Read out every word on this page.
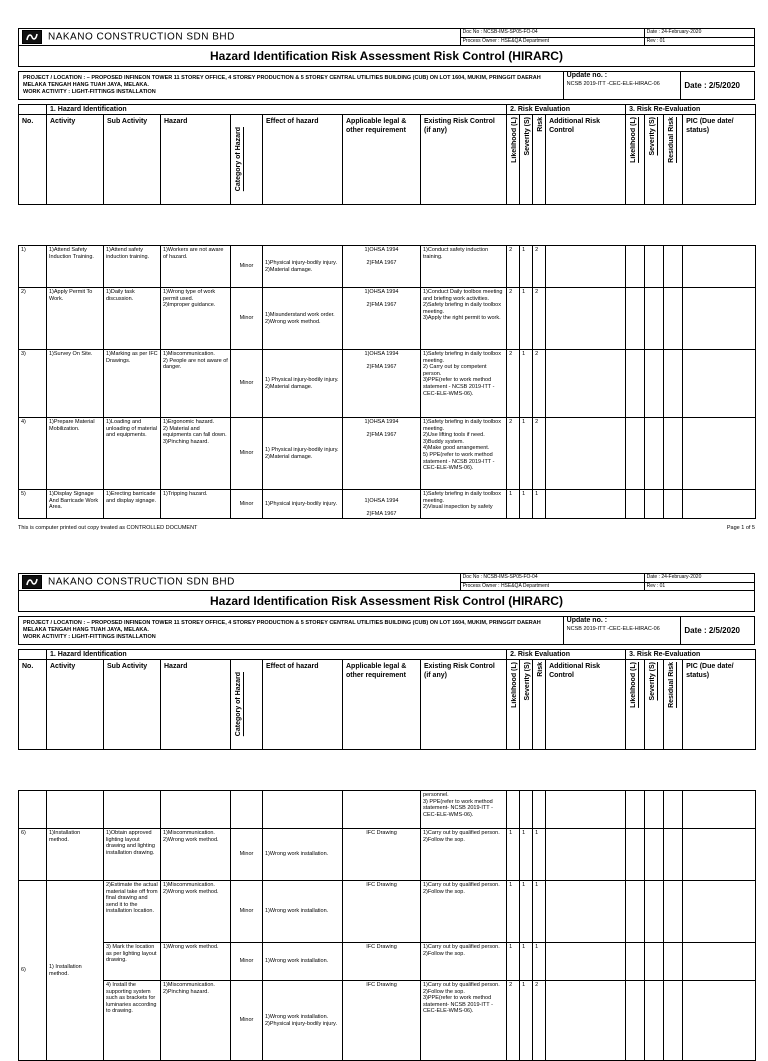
NAKANO CONSTRUCTION SDN BHD	Doc No : NCSB-IMS-SP05-FO-04	Date : 24-February-2020
	Process Owner : HSE&QA Department	Rev : 01
Hazard Identification Risk Assessment Risk Control (HIRARC)		
PROJECT / LOCATION : – PROPOSED INFINEON TOWER 11 STOREY OFFICE, 4 STOREY PRODUCTION & 5 STOREY CENTRAL UTILITIES BUILDING (CUB) ON LOT 1604, MUKIM, PRINGGIT DAERAH MELAKA TENGAH HANG TUAH JAYA, MELAKA.
WORK ACTIVITY : LIGHT-FITTINGS INSTALLATION
	Update no. :
NCSB 2019-ITT -CEC-ELE-HIRAC-06	Date : 2/5/2020
	1. Hazard Identification							2. Risk Evaluation				3. Risk Re-Evaluation			
No.	Activity	Sub Activity	Hazard	Category of Hazard	Effect of hazard	Applicable legal & other requirement	Existing Risk Control (if any)	Likelihood (L)	Severity (S)	Risk	Additional Risk Control	Likelihood (L)	Severity (S)	Residual Risk	PIC (Due date/ status)

1)	1)Attend Safety Induction Training.	1)Attend safety induction training.	1)Workers are not aware of hazard.	Minor	1)Physical injury-bodily injury.
2)Material damage.	1)OHSA 1994

2)FMA 1967	1)Conduct safety induction training.	2	1	2					
2)	1)Apply Permit To Work.	1)Daily task discussion.	1)Wrong type of work permit used.
2)Improper guidance.	Minor	1)Misunderstand work order.
2)Wrong work method.	1)OHSA 1994

2)FMA 1967	1)Conduct Daily toolbox meeting and briefing work activities.
2)Safety briefing in daily toolbox meeting.
3)Apply the right permit to work.	2	1	2					
3)	1)Survey On Site.	1)Marking as per IFC Drawings.	1)Miscommunication.
2) People are not aware of danger.	Minor	1) Physical injury-bodily injury.
2)Material damage.	1)OHSA 1994

2)FMA 1967	1)Safety briefing in daily toolbox meeting.
2) Carry out by competent person.
3)PPE(refer to work method statement - NCSB 2019-ITT -CEC-ELE-WMS-06).	2	1	2					
4)	1)Prepare Material Mobilization.	1)Loading and unloading of material and equipments.	1)Ergonomic hazard.
2) Material and equipments can fall down.
3)Pinching hazard.	Minor	1) Physical injury-bodily injury.
2)Material damage.	1)OHSA 1994

2)FMA 1967	1)Safety briefing in daily toolbox meeting.
2)Use lifting tools if need.
3)Buddy system.
4)Make good arrangement.
5) PPE(refer to work method statement - NCSB 2019-ITT -CEC-ELE-WMS-06).	2	1	2					
5)	1)Display Signage And Barricade Work Area.	1)Erecting barricade and display signage.	1)Tripping hazard.	Minor	1)Physical injury-bodily injury.	1)OHSA 1994

2)FMA 1967	1)Safety briefing in daily toolbox meeting.
2)Visual inspection by safety	1	1	1					
This is computer printed out copy treated as CONTROLLED DOCUMENT	Page 1 of 5
NAKANO CONSTRUCTION SDN BHD	Doc No : NCSB-IMS-SP05-FO-04	Date : 24-February-2020
	Process Owner : HSE&QA Department	Rev : 01
Hazard Identification Risk Assessment Risk Control (HIRARC)		
PROJECT / LOCATION : – PROPOSED INFINEON TOWER 11 STOREY OFFICE, 4 STOREY PRODUCTION & 5 STOREY CENTRAL UTILITIES BUILDING (CUB) ON LOT 1604, MUKIM, PRINGGIT DAERAH MELAKA TENGAH HANG TUAH JAYA, MELAKA.
WORK ACTIVITY : LIGHT-FITTINGS INSTALLATION
	Update no. :
NCSB 2019-ITT -CEC-ELE-HIRAC-06	Date : 2/5/2020
	1. Hazard Identification							2. Risk Evaluation				3. Risk Re-Evaluation			
No.	Activity	Sub Activity	Hazard	Category of Hazard	Effect of hazard	Applicable legal & other requirement	Existing Risk Control (if any)	Likelihood (L)	Severity (S)	Risk	Additional Risk Control	Likelihood (L)	Severity (S)	Residual Risk	PIC (Due date/ status)

							personnel.
3) PPE(refer to work method statement- NCSB 2019-ITT -CEC-ELE-WMS-06).								
6)	1)Installation method.	1)Obtain approved lighting layout drawing and lighting installation drawing.	1)Miscommunication.
2)Wrong work method.	Minor	1)Wrong work installation.	IFC Drawing	1)Carry out by qualified person.
2)Follow the sop.	1	1	1					
6)	1) Installation method.	2)Estimate the actual material take off from final drawing and send it to the installation location.	1)Miscommunication.
2)Wrong work method.	Minor	1)Wrong work installation.	IFC Drawing	1)Carry out by qualified person.
2)Follow the sop.	1	1	1					
		3) Mark the location as per lighting layout drawing.	1)Wrong work method.	Minor	1)Wrong work installation.	IFC Drawing	1)Carry out by qualified person.
2)Follow the sop.	1	1	1					
		4) Install the supporting system such as brackets for luminaries according to drawing.	1)Miscommunication.
2)Pinching hazard.	Minor	1)Wrong work installation.
2)Physical injury-bodily injury.	IFC Drawing	1)Carry out by qualified person.
2)Follow the sop.
3)PPE(refer to work method statement- NCSB 2019-ITT -CEC-ELE-WMS-06).	2	1	2					
